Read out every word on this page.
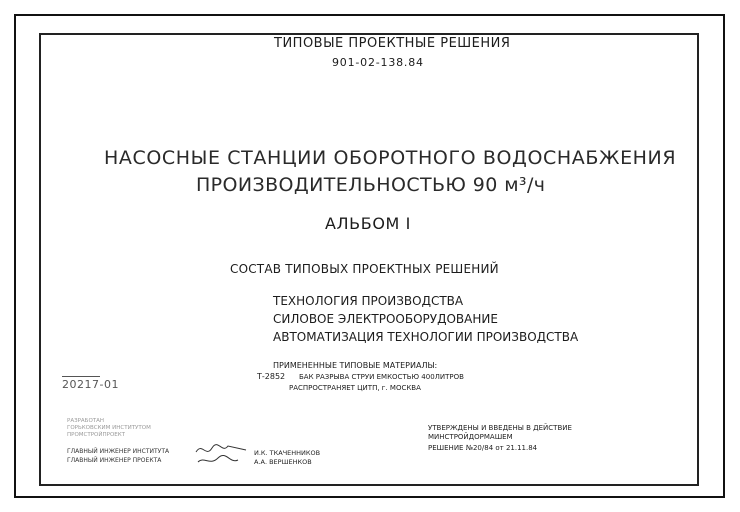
ТИПОВЫЕ ПРОЕКТНЫЕ РЕШЕНИЯ
901-02-138.84
НАСОСНЫЕ СТАНЦИИ ОБОРОТНОГО ВОДОСНАБЖЕНИЯ
ПРОИЗВОДИТЕЛЬНОСТЬЮ 90 м³/ч
АЛЬБОМ I
СОСТАВ ТИПОВЫХ ПРОЕКТНЫХ РЕШЕНИЙ
ТЕХНОЛОГИЯ ПРОИЗВОДСТВА
СИЛОВОЕ ЭЛЕКТРООБОРУДОВАНИЕ
АВТОМАТИЗАЦИЯ ТЕХНОЛОГИИ ПРОИЗВОДСТВА
ПРИМЕНЕННЫЕ ТИПОВЫЕ МАТЕРИАЛЫ:
Т-2852 БАК РАЗРЫВА СТРУИ ЕМКОСТЬЮ 400ЛИТРОВ
РАСПРОСТРАНЯЕТ ЦИТП, г. МОСКВА
20217-01
РАЗРАБОТАН
ГОРЬКОВСКИМ ИНСТИТУТОМ
ПРОМСТРОЙПРОЕКТ
ГЛАВНЫЙ ИНЖЕНЕР ИНСТИТУТА
ГЛАВНЫЙ ИНЖЕНЕР ПРОЕКТА
И.К. ТКАЧЕННИКОВ
А.А. ВЕРШЕНКОВ
УТВЕРЖДЕНЫ И ВВЕДЕНЫ В ДЕЙСТВИЕ
МИНСТРОЙДОРМАШЕМ
РЕШЕНИЕ №20/84 от 21.11.84
